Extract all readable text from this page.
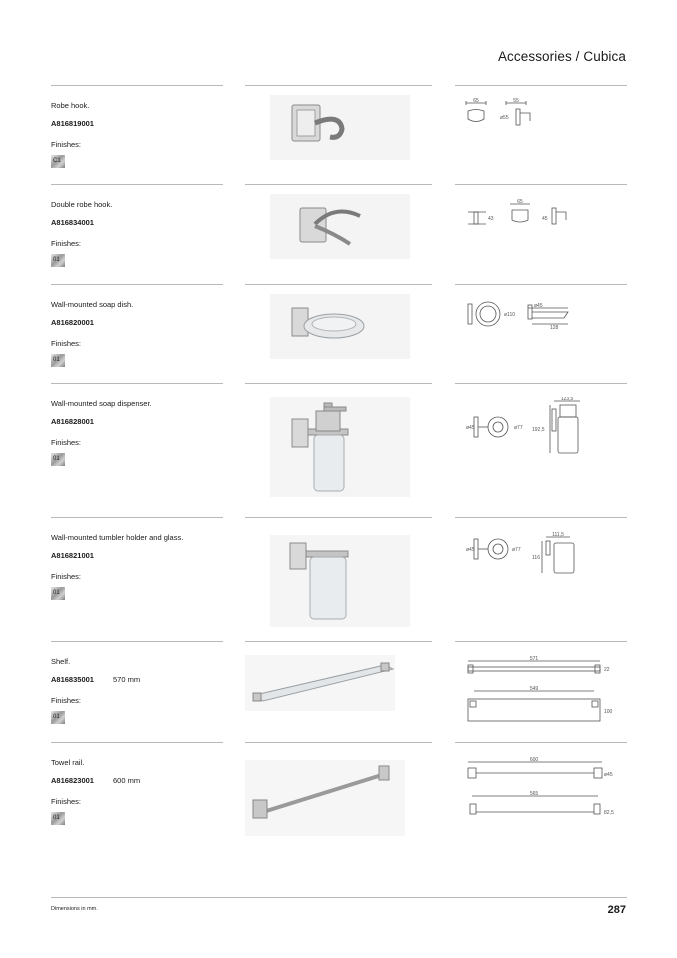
Accessories / Cubica
Robe hook.
A816819001
Finishes:
C1
65	55
ø55
Double robe hook.
A816834001
Finishes:
01
65
43	45
Wall-mounted soap dish.
A816820001
Finishes:
01
ø110
ø45
128
Wall-mounted soap dispenser.
A816828001
Finishes:
01
123,5
ø45	ø77 192,5
Wall-mounted tumbler holder and glass.
A816821001
Finishes:
01
111,5
ø45	ø77
116
Shelf.
A816835001	570 mm
Finishes:
01
571
22
549
100
Towel rail.
A816823001	600 mm
Finishes:
01
600
ø45
565
82,5
Dimensions in mm.	287
